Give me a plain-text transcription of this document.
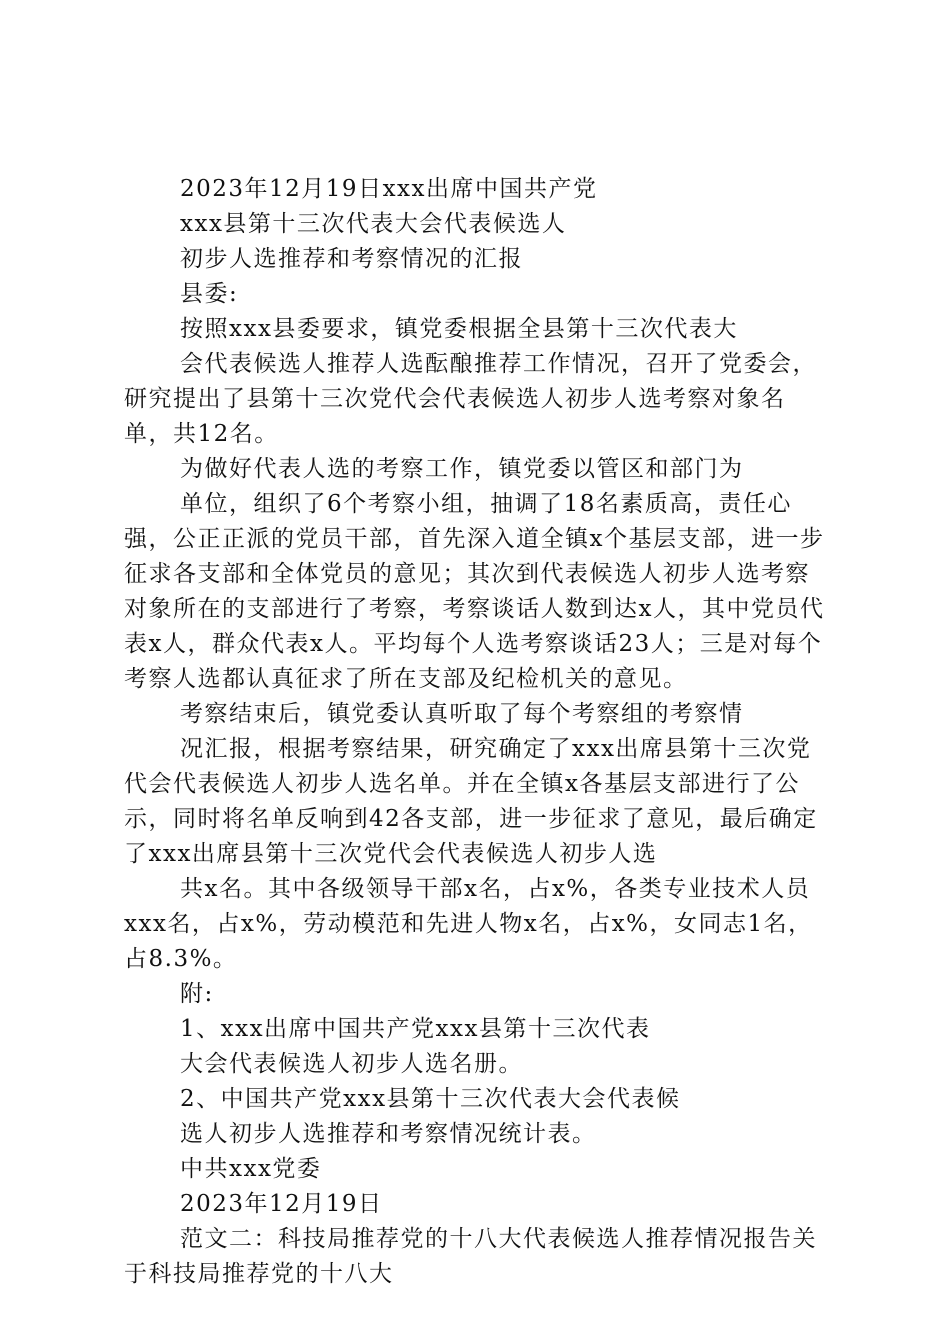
2023年12月19日xxx出席中国共产党

xxx县第十三次代表大会代表候选人

初步人选推荐和考察情况的汇报

县委:

按照xxx县委要求，镇党委根据全县第十三次代表大

会代表候选人推荐人选酝酿推荐工作情况，召开了党委会，研究提出了县第十三次党代会代表候选人初步人选考察对象名单，共12名。

为做好代表人选的考察工作，镇党委以管区和部门为

单位，组织了6个考察小组，抽调了18名素质高，责任心强，公正正派的党员干部，首先深入道全镇x个基层支部，进一步征求各支部和全体党员的意见；其次到代表候选人初步人选考察对象所在的支部进行了考察，考察谈话人数到达x人，其中党员代表x人，群众代表x人。平均每个人选考察谈话23人；三是对每个考察人选都认真征求了所在支部及纪检机关的意见。

考察结束后，镇党委认真听取了每个考察组的考察情

况汇报，根据考察结果，研究确定了xxx出席县第十三次党代会代表候选人初步人选名单。并在全镇x各基层支部进行了公示，同时将名单反响到42各支部，进一步征求了意见，最后确定了xxx出席县第十三次党代会代表候选人初步人选

共x名。其中各级领导干部x名，占x%，各类专业技术人员xxx名，占x%，劳动模范和先进人物x名，占x%，女同志1名，占8.3%。

附:

1、xxx出席中国共产党xxx县第十三次代表

大会代表候选人初步人选名册。

2、中国共产党xxx县第十三次代表大会代表候

选人初步人选推荐和考察情况统计表。

中共xxx党委

2023年12月19日

范文二：科技局推荐党的十八大代表候选人推荐情况报告关于科技局推荐党的十八大
